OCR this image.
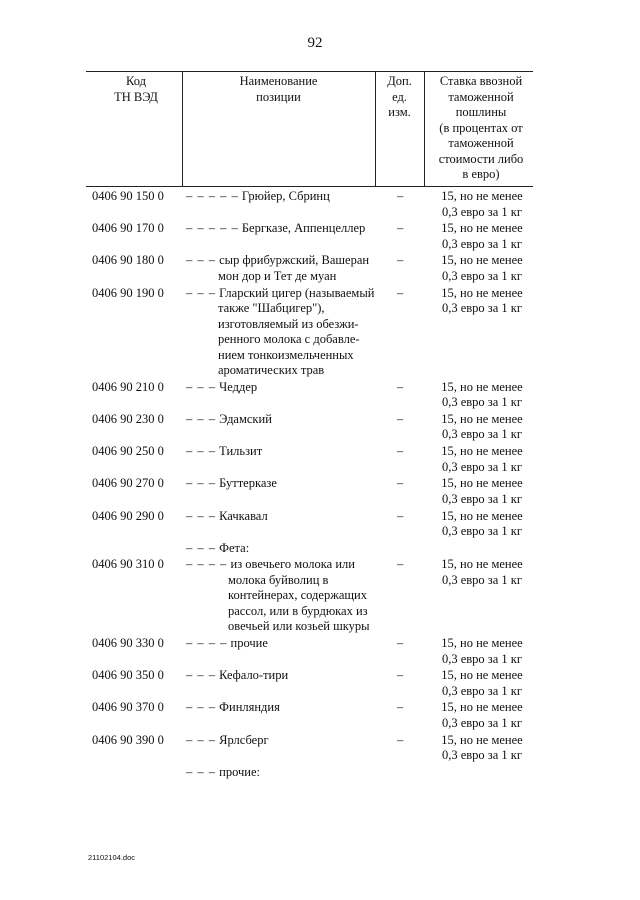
92
Код
ТН ВЭД
Наименование
позиции
Доп.
ед.
изм.
Ставка ввозной
таможенной
пошлины
(в процентах от
таможенной
стоимости либо
в евро)
0406 90 150 0 – – – – – Грюйер, Сбринц	–	15, но не менее
0,3 евро за 1 кг
0406 90 170 0 – – – – – Бергказе, Аппенцеллер	–	15, но не менее
0,3 евро за 1 кг
0406 90 180 0 – – – сыр фрибуржский, Вашеран
мон дор и Тет де муан
–	15, но не менее
0,3 евро за 1 кг
0406 90 190 0 – – – Гларский цигер (называемый
также "Шабцигер"),
изготовляемый из обезжи-
ренного молока с добавле-
нием тонкоизмельченных
ароматических трав
–	15, но не менее
0,3 евро за 1 кг
0406 90 210 0 – – – Чеддер	–	15, но не менее
0,3 евро за 1 кг
0406 90 230 0 – – – Эдамский	–	15, но не менее
0,3 евро за 1 кг
0406 90 250 0 – – – Тильзит	–	15, но не менее
0,3 евро за 1 кг
0406 90 270 0 – – – Буттерказе	–	15, но не менее
0,3 евро за 1 кг
0406 90 290 0 – – – Качкавал	–	15, но не менее
0,3 евро за 1 кг
– – – Фета:
0406 90 310 0 – – – – из овечьего молока или
молока буйволиц в
контейнерах, содержащих
рассол, или в бурдюках из
овечьей или козьей шкуры
–	15, но не менее
0,3 евро за 1 кг
0406 90 330 0 – – – – прочие	–	15, но не менее
0,3 евро за 1 кг
0406 90 350 0 – – – Кефало-тири	–	15, но не менее
0,3 евро за 1 кг
0406 90 370 0 – – – Финляндия	–	15, но не менее
0,3 евро за 1 кг
0406 90 390 0 – – – Ярлсберг	–	15, но не менее
0,3 евро за 1 кг
– – – прочие:
21102104.doc
